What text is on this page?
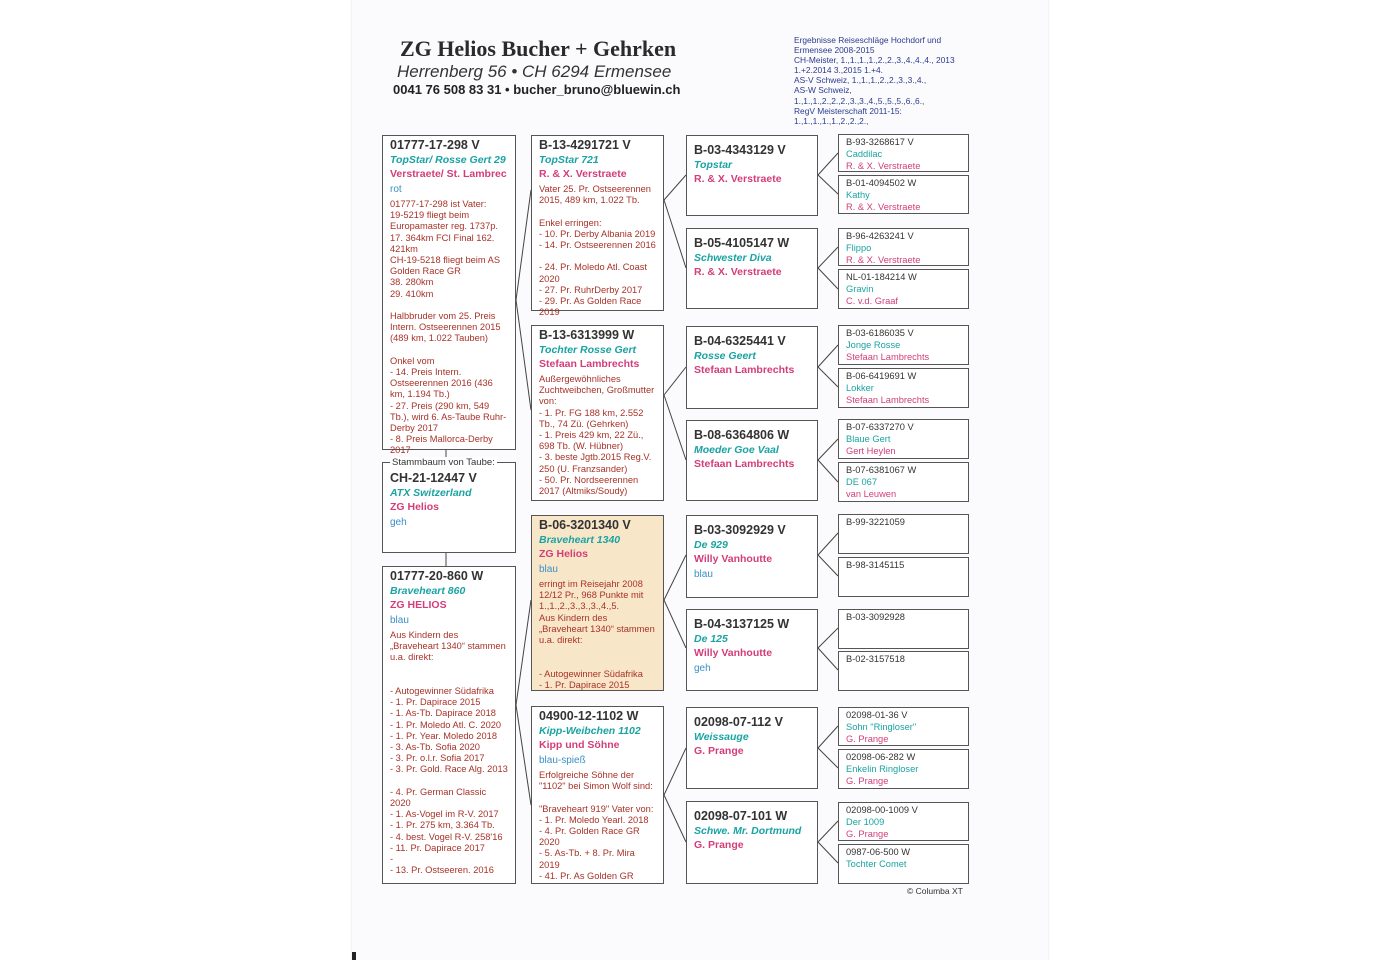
ZG Helios Bucher + Gehrken
Herrenberg 56 • CH 6294 Ermensee
0041 76 508 83 31 • bucher_bruno@bluewin.ch
Ergebnisse Reiseschläge Hochdorf und
Ermensee 2008-2015
CH-Meister, 1.,1.,1.,1.,2.,2.,3.,4.,4.,4., 2013
1.+2.2014 3.,2015 1.+4.
AS-V Schweiz, 1.,1.,1.,2.,2.,3.,3.,4.,
AS-W Schweiz,
1.,1.,1.,2.,2.,2.,3.,3.,4.,5.,5.,5.,6.,6.,
RegV Meisterschaft 2011-15:
1.,1.,1.,1.,1.,2.,2.,2.,
01777-17-298 V
TopStar/ Rosse Gert 29
Verstraete/ St. Lambrec
rot
01777-17-298 ist Vater:
19-5219 fliegt beim Europamaster reg. 1737p. 17. 364km FCI Final 162. 421km
CH-19-5218 fliegt beim AS Golden Race GR
38. 280km
29. 410km

Halbbruder vom 25. Preis Intern. Ostseerennen 2015 (489 km, 1.022 Tauben)

Onkel vom
- 14. Preis Intern. Ostseerennen 2016 (436 km, 1.194 Tb.)
- 27. Preis (290 km, 549 Tb.), wird 6. As-Taube Ruhr-Derby 2017
- 8. Preis Mallorca-Derby 2017
CH-21-12447 V
ATX Switzerland
ZG Helios
geh
Stammbaum von Taube:
01777-20-860 W
Braveheart 860
ZG HELIOS
blau
Aus Kindern des „Braveheart 1340“ stammen u.a. direkt:

- Autogewinner Südafrika
- 1. Pr. Dapirace 2015
- 1. As-Tb. Dapirace 2018
- 1. Pr. Moledo Atl. C. 2020
- 1. Pr. Year. Moledo 2018
- 3. As-Tb. Sofia 2020
- 3. Pr. o.l.r. Sofia 2017
- 3. Pr. Gold. Race Alg. 2013

- 4. Pr. German Classic 2020
- 1. As-Vogel im R-V. 2017
- 1. Pr. 275 km, 3.364 Tb.
- 4. best. Vogel R-V. 258'16
- 11. Pr. Dapirace 2017
-
- 13. Pr. Ostseeren. 2016
B-13-4291721 V
TopStar 721
R. & X. Verstraete
Vater 25. Pr. Ostseerennen 2015, 489 km, 1.022 Tb.

Enkel erringen:
- 10. Pr. Derby Albania 2019
- 14. Pr. Ostseerennen 2016

- 24. Pr. Moledo Atl. Coast 2020
- 27. Pr. RuhrDerby 2017
- 29. Pr. As Golden Race 2019
B-13-6313999 W
Tochter Rosse Gert
Stefaan Lambrechts
Außergewöhnliches Zuchtweibchen, Großmutter von:
- 1. Pr. FG 188 km, 2.552 Tb., 74 Zü. (Gehrken)
- 1. Preis 429 km, 22 Zü., 698 Tb. (W. Hübner)
- 3. beste Jgtb.2015 Reg.V. 250 (U. Franzsander)
- 50. Pr. Nordseerennen 2017 (Altmiks/Soudy)
B-06-3201340 V
Braveheart 1340
ZG Helios
blau
erringt im Reisejahr 2008 12/12 Pr., 968 Punkte mit 1.,1.,2.,3.,3.,3.,4.,5.
Aus Kindern des „Braveheart 1340“ stammen u.a. direkt:

- Autogewinner Südafrika
- 1. Pr. Dapirace 2015
04900-12-1102 W
Kipp-Weibchen 1102
Kipp und Söhne
blau-spieß
Erfolgreiche Söhne der "1102" bei Simon Wolf sind:

"Braveheart 919" Vater von:
- 1. Pr. Moledo Yearl. 2018
- 4. Pr. Golden Race GR 2020
- 5. As-Tb. + 8. Pr. Mira 2019
- 41. Pr. As Golden GR
B-03-4343129 V
Topstar
R. & X. Verstraete
B-05-4105147 W
Schwester Diva
R. & X. Verstraete
B-04-6325441 V
Rosse Geert
Stefaan Lambrechts
B-08-6364806 W
Moeder Goe Vaal
Stefaan Lambrechts
B-03-3092929 V
De 929
Willy Vanhoutte
blau
B-04-3137125 W
De 125
Willy Vanhoutte
geh
02098-07-112 V
Weissauge
G. Prange
02098-07-101 W
Schwe. Mr. Dortmund
G. Prange
B-93-3268617 V
Caddilac
R. & X. Verstraete
B-01-4094502 W
Kathy
R. & X. Verstraete
B-96-4263241 V
Flippo
R. & X. Verstraete
NL-01-184214 W
Gravin
C. v.d. Graaf
B-03-6186035 V
Jonge Rosse
Stefaan Lambrechts
B-06-6419691 W
Lokker
Stefaan Lambrechts
B-07-6337270 V
Blaue Gert
Gert Heylen
B-07-6381067 W
DE 067
van Leuwen
B-99-3221059
B-98-3145115
B-03-3092928
B-02-3157518
02098-01-36 V
Sohn "Ringloser"
G. Prange
02098-06-282 W
Enkelin Ringloser
G. Prange
02098-00-1009 V
Der 1009
G. Prange
0987-06-500 W
Tochter Comet
© Columba XT
